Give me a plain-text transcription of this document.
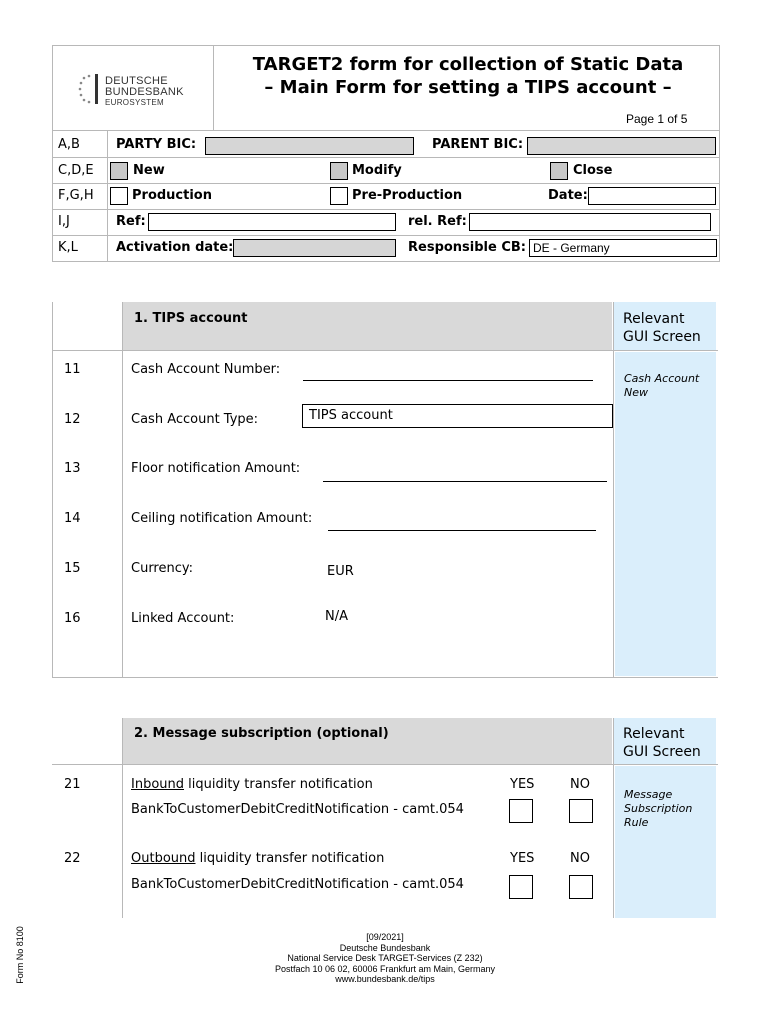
DEUTSCHE
BUNDESBANK
EUROSYSTEM
TARGET2 form for collection of Static Data
– Main Form for setting a TIPS account –
Page 1 of 5
A,B	PARTY BIC:	PARENT BIC:
C,D,E	New	Modify	Close
F,G,H	Production	Pre-Production	Date:
I,J	Ref:	rel. Ref:
K,L	Activation date:	Responsible CB: DE - Germany
1. TIPS account	Relevant
GUI Screen
Cash Account
New
11	Cash Account Number:
12	Cash Account Type:	TIPS account
13	Floor notification Amount:
14	Ceiling notification Amount:
15	Currency:	EUR
16	Linked Account:	N/A
2. Message subscription (optional)	Relevant
GUI Screen
Message
Subscription
Rule
21	Inbound liquidity transfer notification
BankToCustomerDebitCreditNotification - camt.054
YES	NO
22	Outbound liquidity transfer notification
BankToCustomerDebitCreditNotification - camt.054
YES	NO
[09/2021]
Deutsche Bundesbank
National Service Desk TARGET-Services (Z 232)
Postfach 10 06 02, 60006 Frankfurt am Main, Germany
www.bundesbank.de/tips
Form No 8100
